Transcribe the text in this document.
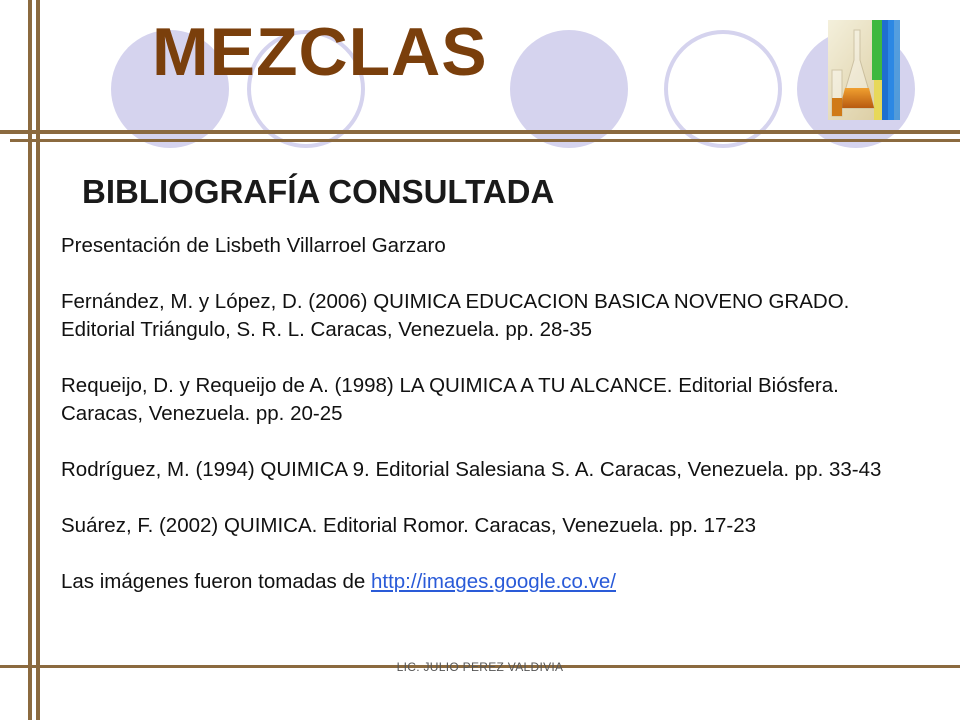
MEZCLAS
BIBLIOGRAFÍA CONSULTADA

Presentación de Lisbeth Villarroel Garzaro

Fernández, M. y López, D. (2006) QUIMICA EDUCACION BASICA NOVENO GRADO. Editorial Triángulo, S. R. L. Caracas, Venezuela. pp. 28-35

Requeijo, D. y Requeijo de A. (1998) LA QUIMICA A TU ALCANCE. Editorial Biósfera. Caracas, Venezuela. pp. 20-25

Rodríguez, M. (1994) QUIMICA 9. Editorial Salesiana S. A. Caracas, Venezuela. pp. 33-43

Suárez, F. (2002) QUIMICA. Editorial Romor. Caracas, Venezuela. pp. 17-23

Las imágenes fueron tomadas de http://images.google.co.ve/

LIC. JULIO PEREZ VALDIVIA
